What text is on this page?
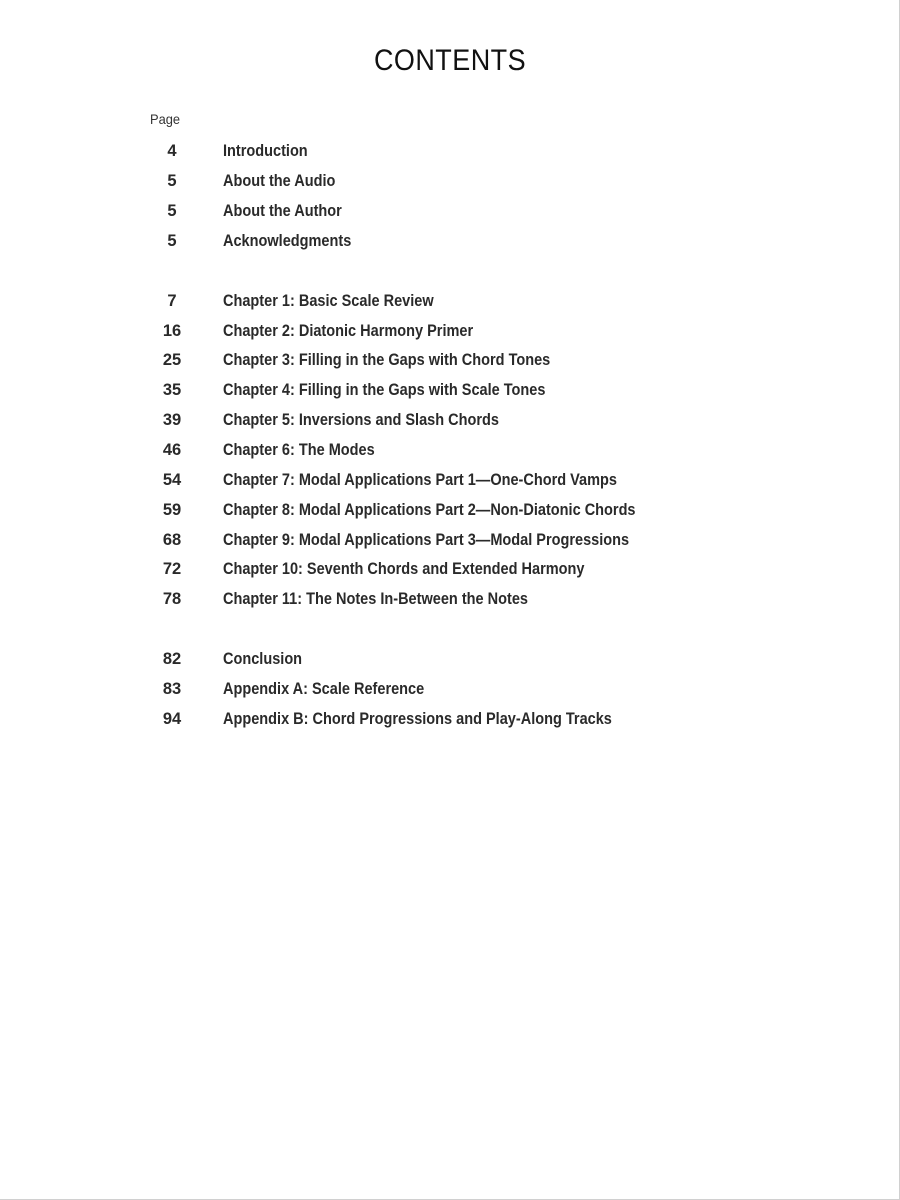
CONTENTS
Page
4	Introduction
5	About the Audio
5	About the Author
5	Acknowledgments
7	Chapter 1: Basic Scale Review
16	Chapter 2: Diatonic Harmony Primer
25	Chapter 3: Filling in the Gaps with Chord Tones
35	Chapter 4: Filling in the Gaps with Scale Tones
39	Chapter 5: Inversions and Slash Chords
46	Chapter 6: The Modes
54	Chapter 7: Modal Applications Part 1—One-Chord Vamps
59	Chapter 8: Modal Applications Part 2—Non-Diatonic Chords
68	Chapter 9: Modal Applications Part 3—Modal Progressions
72	Chapter 10: Seventh Chords and Extended Harmony
78	Chapter 11: The Notes In-Between the Notes
82	Conclusion
83	Appendix A: Scale Reference
94	Appendix B: Chord Progressions and Play-Along Tracks
